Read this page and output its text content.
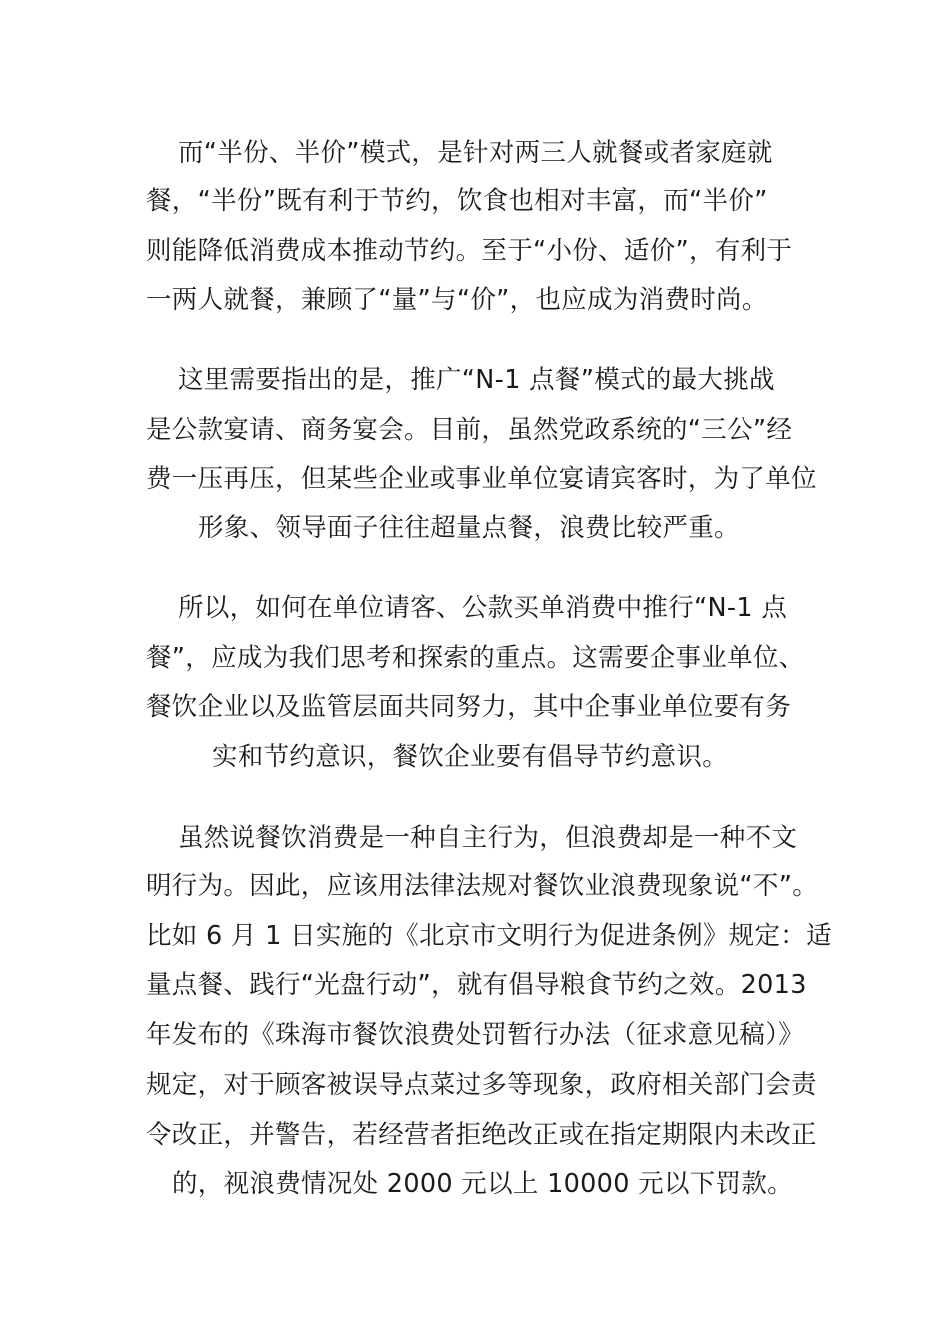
而“半份、半价”模式，是针对两三人就餐或者家庭就
餐，“半份”既有利于节约，饮食也相对丰富，而“半价”
则能降低消费成本推动节约。至于“小份、适价”，有利于
一两人就餐，兼顾了“量”与“价”，也应成为消费时尚。
这里需要指出的是，推广“N-1 点餐”模式的最大挑战
是公款宴请、商务宴会。目前，虽然党政系统的“三公”经
费一压再压，但某些企业或事业单位宴请宾客时，为了单位
形象、领导面子往往超量点餐，浪费比较严重。
所以，如何在单位请客、公款买单消费中推行“N-1 点
餐”，应成为我们思考和探索的重点。这需要企事业单位、
餐饮企业以及监管层面共同努力，其中企事业单位要有务
实和节约意识，餐饮企业要有倡导节约意识。
虽然说餐饮消费是一种自主行为，但浪费却是一种不文
明行为。因此，应该用法律法规对餐饮业浪费现象说“不”。
比如 6 月 1 日实施的《北京市文明行为促进条例》规定：适
量点餐、践行“光盘行动”，就有倡导粮食节约之效。2013
年发布的《珠海市餐饮浪费处罚暂行办法（征求意见稿）》
规定，对于顾客被误导点菜过多等现象，政府相关部门会责
令改正，并警告，若经营者拒绝改正或在指定期限内未改正
的，视浪费情况处 2000 元以上 10000 元以下罚款。
